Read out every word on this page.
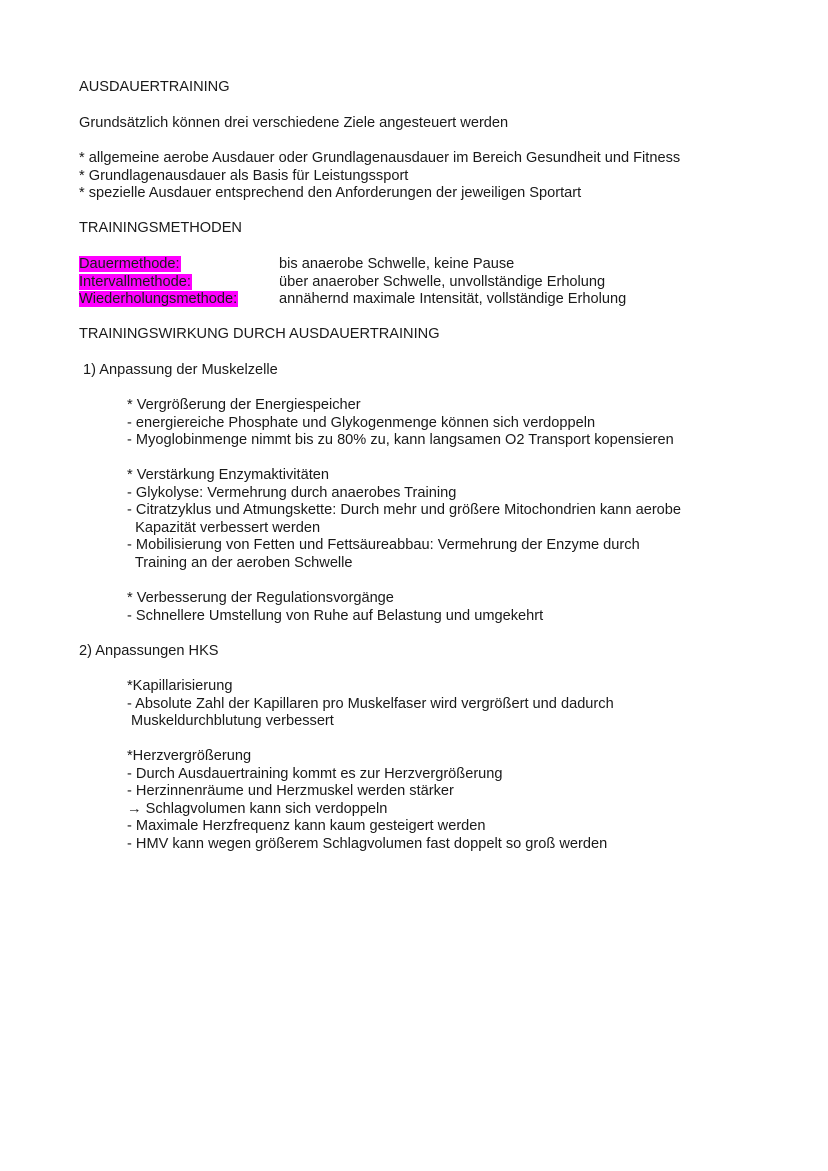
AUSDAUERTRAINING

Grundsätzlich können drei verschiedene Ziele angesteuert werden

* allgemeine aerobe Ausdauer oder Grundlagenausdauer im Bereich Gesundheit und Fitness

* Grundlagenausdauer als Basis für Leistungssport

* spezielle Ausdauer entsprechend den Anforderungen der jeweiligen Sportart

TRAININGSMETHODEN

Dauermethode:	bis anaerobe Schwelle, keine Pause
Intervallmethode:	über anaerober Schwelle, unvollständige Erholung
Wiederholungsmethode:	annähernd maximale Intensität, vollständige Erholung

TRAININGSWIRKUNG DURCH AUSDAUERTRAINING

1) Anpassung der Muskelzelle

* Vergrößerung der Energiespeicher

- energiereiche Phosphate und Glykogenmenge können sich verdoppeln

- Myoglobinmenge nimmt bis zu 80% zu, kann langsamen O2 Transport kopensieren

* Verstärkung Enzymaktivitäten

- Glykolyse: Vermehrung durch anaerobes Training

- Citratzyklus und Atmungskette: Durch mehr und größere Mitochondrien kann aerobe

Kapazität verbessert werden

- Mobilisierung von Fetten und Fettsäureabbau: Vermehrung der Enzyme durch

Training an der aeroben Schwelle

* Verbesserung der Regulationsvorgänge

- Schnellere Umstellung von Ruhe auf Belastung und umgekehrt

2) Anpassungen HKS

*Kapillarisierung

- Absolute Zahl der Kapillaren pro Muskelfaser wird vergrößert und dadurch

Muskeldurchblutung verbessert

*Herzvergrößerung

- Durch Ausdauertraining kommt es zur Herzvergrößerung

- Herzinnenräume und Herzmuskel werden stärker

→ Schlagvolumen kann sich verdoppeln

- Maximale Herzfrequenz kann kaum gesteigert werden

- HMV kann wegen größerem Schlagvolumen fast doppelt so groß werden
